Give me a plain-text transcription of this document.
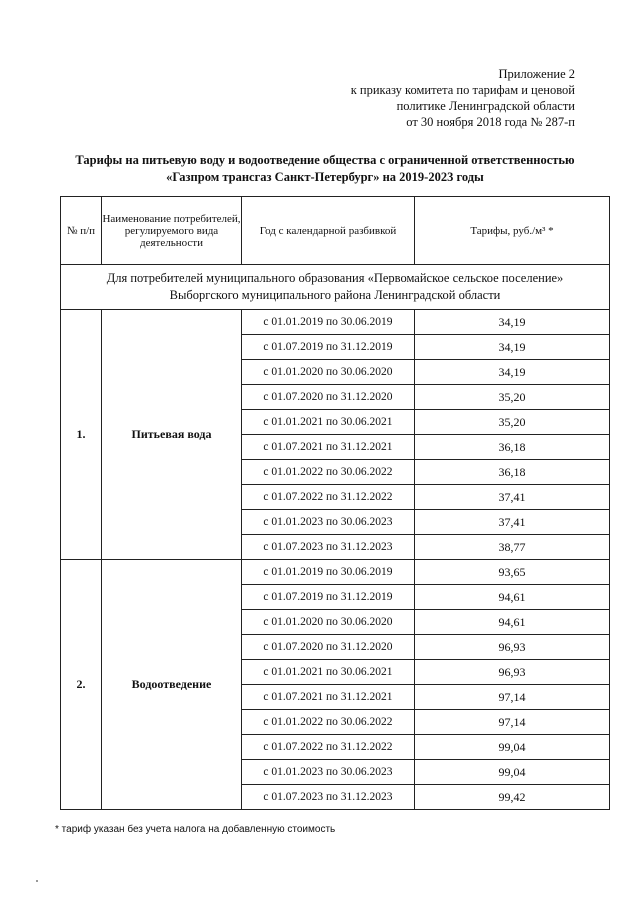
Приложение 2
к приказу комитета по тарифам и ценовой
политике Ленинградской области
от 30 ноября 2018 года № 287-п
Тарифы на питьевую воду и водоотведение общества с ограниченной ответственностью
«Газпром трансгаз Санкт-Петербург» на 2019-2023 годы
№ п/п	Наименование потребителей, регулируемого вида деятельности	Год с календарной разбивкой	Тарифы, руб./м³ *

Для потребителей муниципального образования «Первомайское сельское поселение»
Выборгского муниципального района Ленинградской области			

1.	Питьевая вода	с 01.01.2019 по 30.06.2019	34,19
		с 01.07.2019 по 31.12.2019	34,19
		с 01.01.2020 по 30.06.2020	34,19
		с 01.07.2020 по 31.12.2020	35,20
		с 01.01.2021 по 30.06.2021	35,20
		с 01.07.2021 по 31.12.2021	36,18
		с 01.01.2022 по 30.06.2022	36,18
		с 01.07.2022 по 31.12.2022	37,41
		с 01.01.2023 по 30.06.2023	37,41
		с 01.07.2023 по 31.12.2023	38,77
2.	Водоотведение	с 01.01.2019 по 30.06.2019	93,65
		с 01.07.2019 по 31.12.2019	94,61
		с 01.01.2020 по 30.06.2020	94,61
		с 01.07.2020 по 31.12.2020	96,93
		с 01.01.2021 по 30.06.2021	96,93
		с 01.07.2021 по 31.12.2021	97,14
		с 01.01.2022 по 30.06.2022	97,14
		с 01.07.2022 по 31.12.2022	99,04
		с 01.01.2023 по 30.06.2023	99,04
		с 01.07.2023 по 31.12.2023	99,42
* тариф указан без учета налога на добавленную стоимость
